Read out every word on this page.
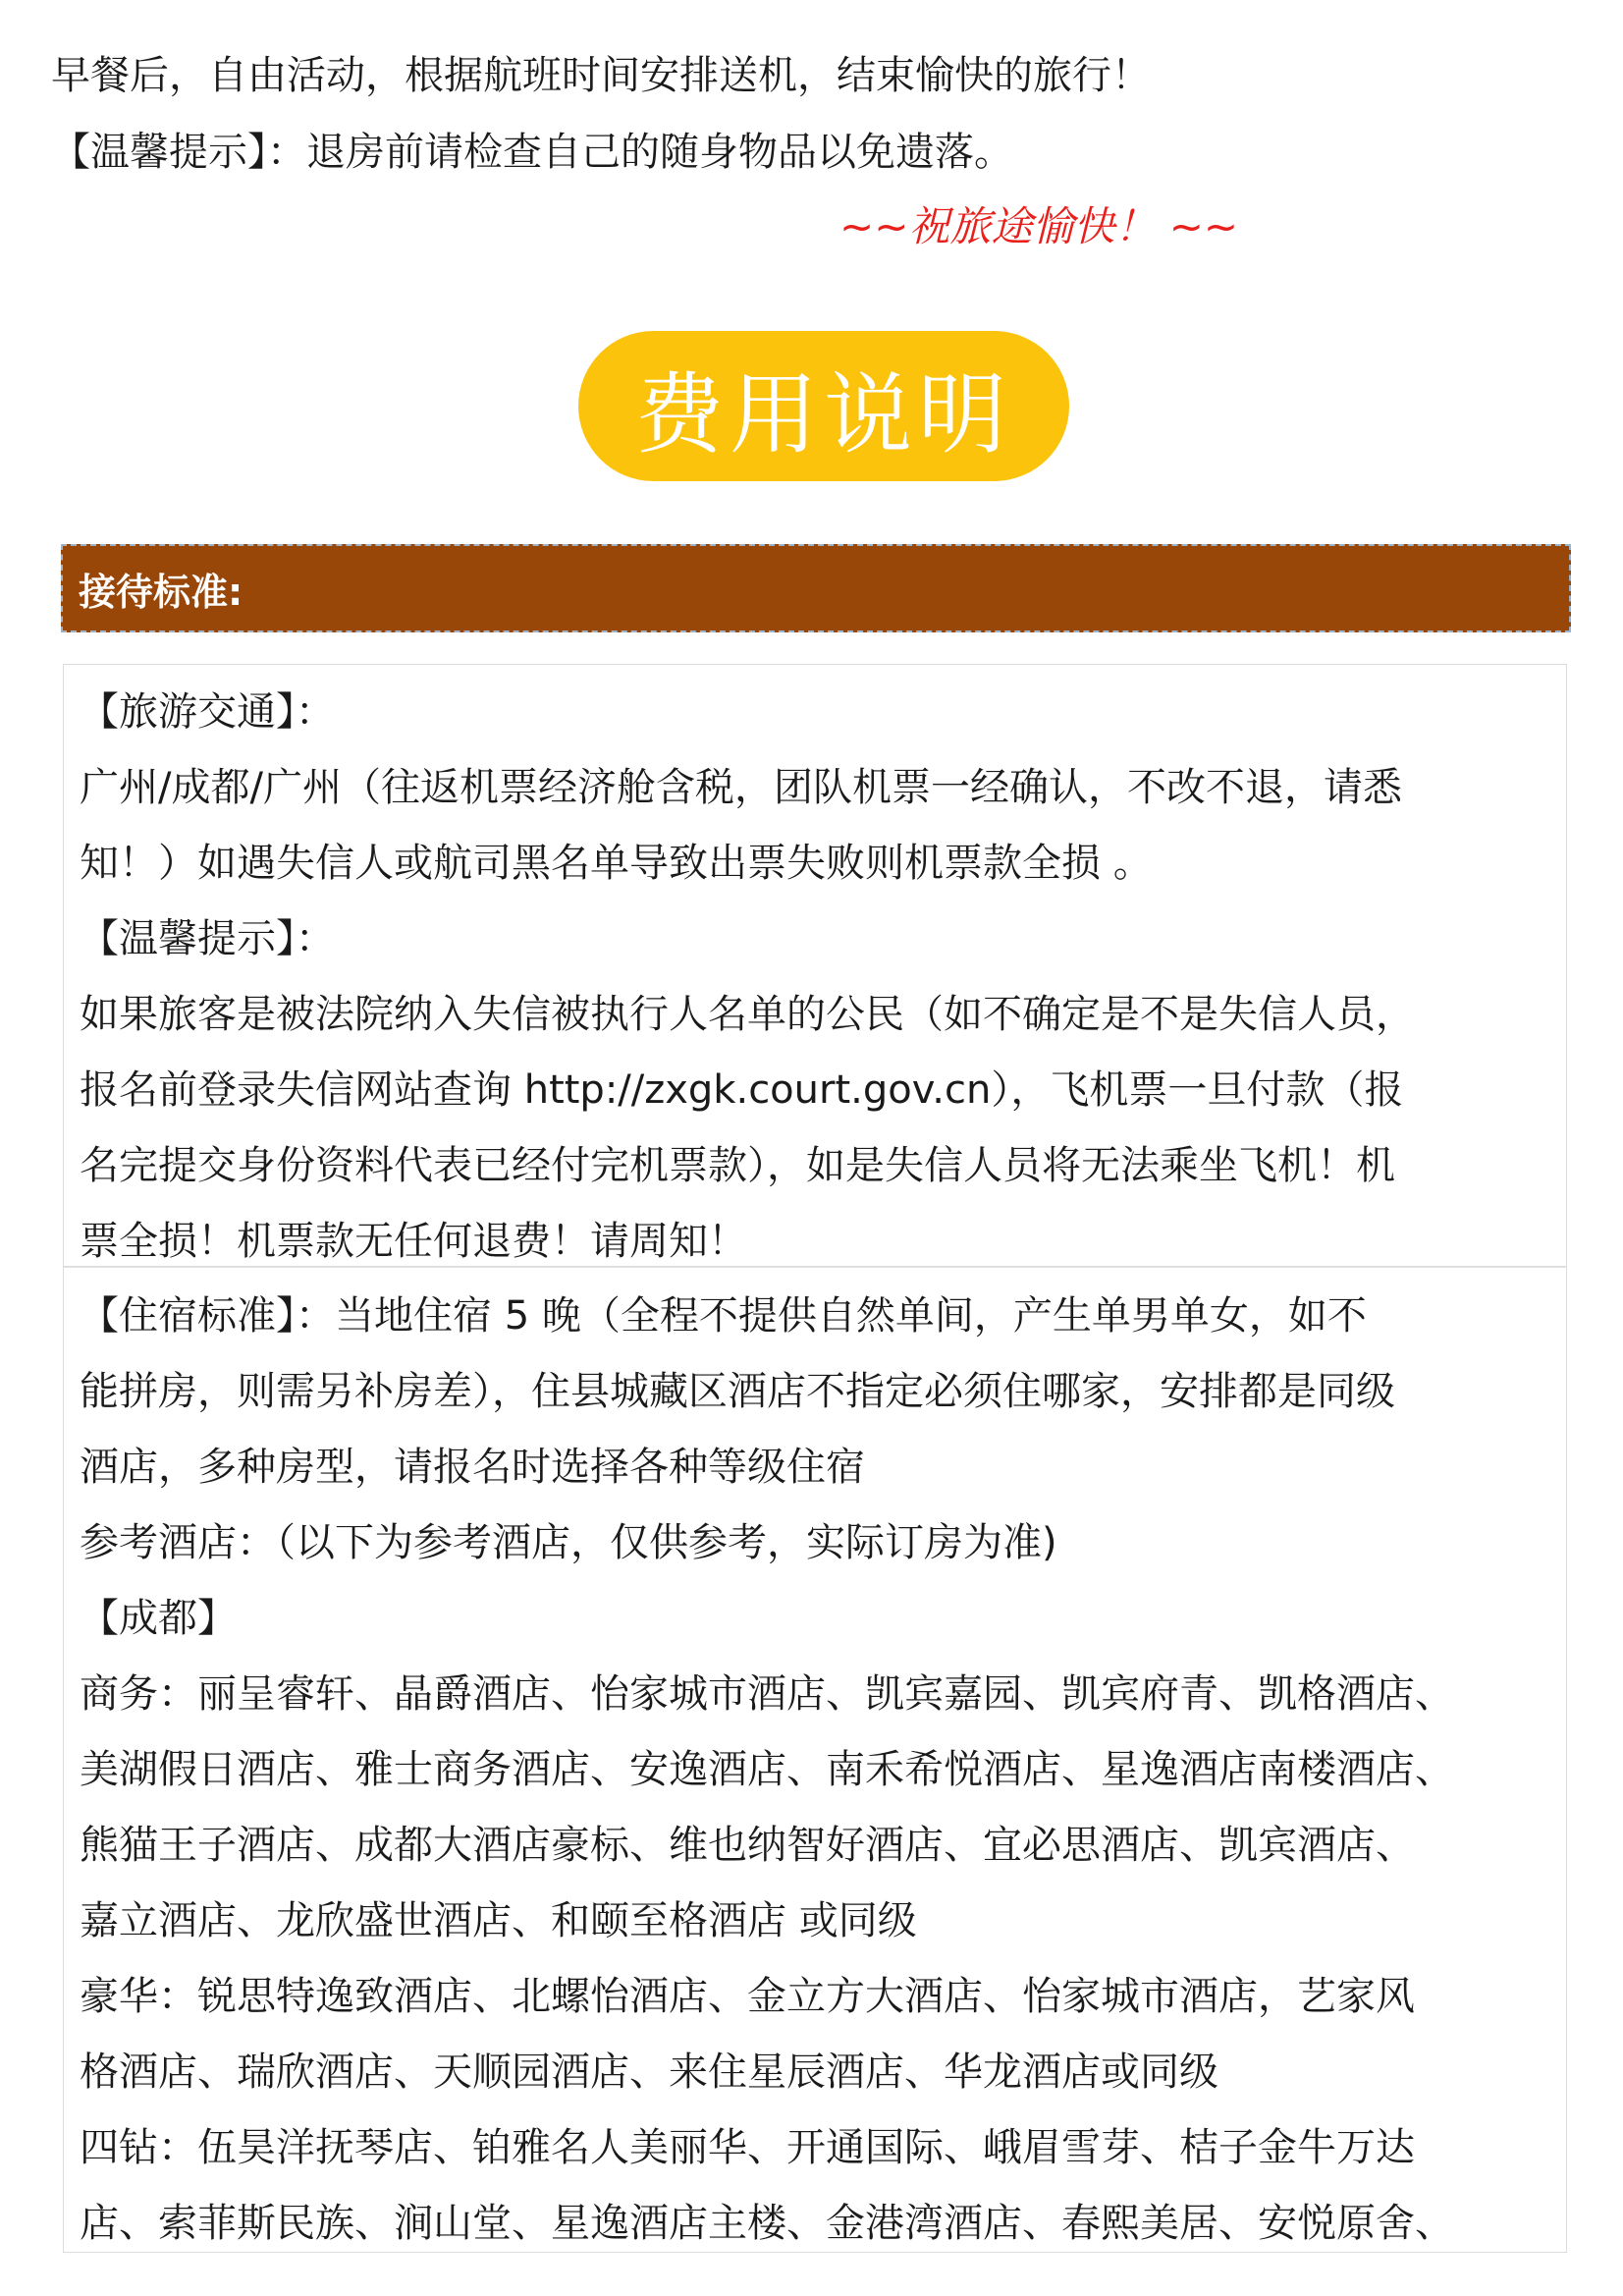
早餐后，自由活动，根据航班时间安排送机，结束愉快的旅行！
【温馨提示】：退房前请检查自己的随身物品以免遗落。
~~祝旅途愉快！ ~~
费用说明
接待标准:

【旅游交通】：

广州/成都/广州（往返机票经济舱含税，团队机票一经确认，不改不退，请悉

知！）如遇失信人或航司黑名单导致出票失败则机票款全损 。

【温馨提示】：

如果旅客是被法院纳入失信被执行人名单的公民（如不确定是不是失信人员，

报名前登录失信网站查询 http://zxgk.court.gov.cn），飞机票一旦付款（报

名完提交身份资料代表已经付完机票款），如是失信人员将无法乘坐飞机！机

票全损！机票款无任何退费！请周知！

【住宿标准】：当地住宿 5 晚（全程不提供自然单间，产生单男单女，如不

能拼房，则需另补房差），住县城藏区酒店不指定必须住哪家，安排都是同级

酒店，多种房型，请报名时选择各种等级住宿

参考酒店：（以下为参考酒店，仅供参考，实际订房为准)

【成都】

商务：丽呈睿轩、晶爵酒店、怡家城市酒店、凯宾嘉园、凯宾府青、凯格酒店、

美湖假日酒店、雅士商务酒店、安逸酒店、南禾希悦酒店、星逸酒店南楼酒店、

熊猫王子酒店、成都大酒店豪标、维也纳智好酒店、宜必思酒店、凯宾酒店、

嘉立酒店、龙欣盛世酒店、和颐至格酒店 或同级

豪华：锐思特逸致酒店、北螺怡酒店、金立方大酒店、怡家城市酒店，艺家风

格酒店、瑞欣酒店、天顺园酒店、来住星辰酒店、华龙酒店或同级

四钻：伍昊洋抚琴店、铂雅名人美丽华、开通国际、峨眉雪芽、桔子金牛万达

店、索菲斯民族、涧山堂、星逸酒店主楼、金港湾酒店、春熙美居、安悦原舍、
